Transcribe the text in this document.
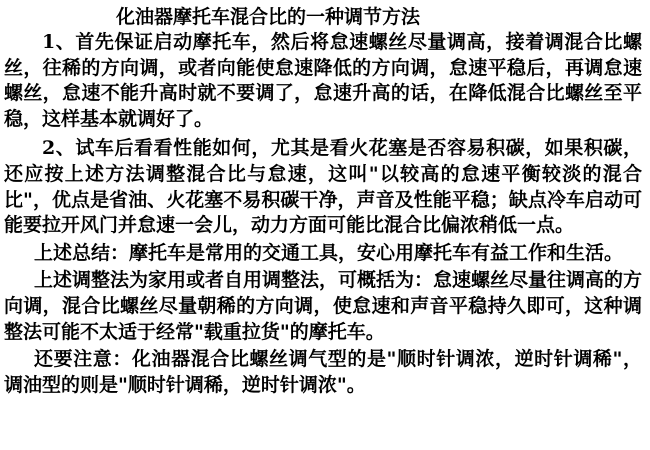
化油器摩托车混合比的一种调节方法

1、首先保证启动摩托车，然后将怠速螺丝尽量调高，接着调混合比螺丝，往稀的方向调，或者向能使怠速降低的方向调，怠速平稳后，再调怠速螺丝，怠速不能升高时就不要调了，怠速升高的话，在降低混合比螺丝至平稳，这样基本就调好了。

2、试车后看看性能如何，尤其是看火花塞是否容易积碳，如果积碳，还应按上述方法调整混合比与怠速，这叫"以较高的怠速平衡较淡的混合比"，优点是省油、火花塞不易积碳干净，声音及性能平稳；缺点冷车启动可能要拉开风门并怠速一会儿，动力方面可能比混合比偏浓稍低一点。

上述总结：摩托车是常用的交通工具，安心用摩托车有益工作和生活。

上述调整法为家用或者自用调整法，可概括为：怠速螺丝尽量往调高的方向调，混合比螺丝尽量朝稀的方向调，使怠速和声音平稳持久即可，这种调整法可能不太适于经常"载重拉货"的摩托车。

还要注意：化油器混合比螺丝调气型的是"顺时针调浓，逆时针调稀"，调油型的则是"顺时针调稀，逆时针调浓"。
